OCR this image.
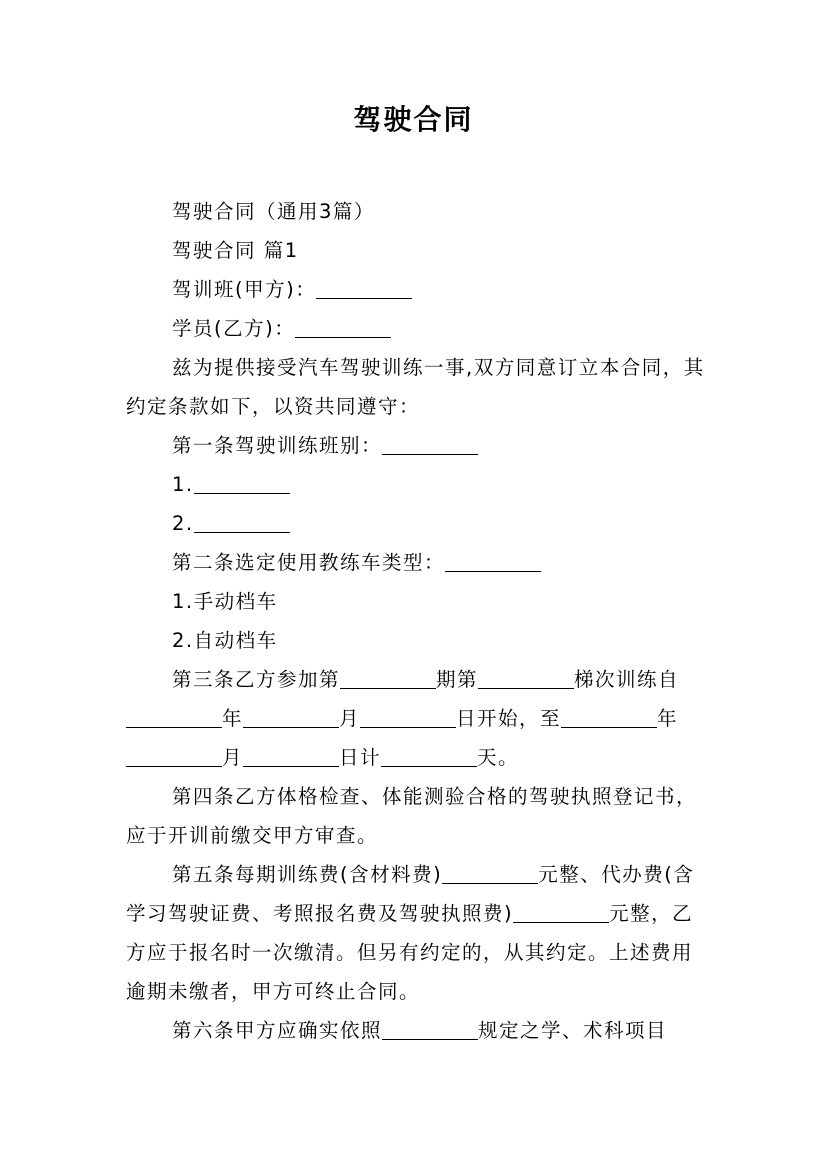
驾驶合同

驾驶合同（通用3篇）

驾驶合同 篇1

驾训班(甲方)：

学员(乙方)：

兹为提供接受汽车驾驶训练一事,双方同意订立本合同，其约定条款如下，以资共同遵守：

第一条驾驶训练班别：

1.

2.

第二条选定使用教练车类型：

1.手动档车

2.自动档车

第三条乙方参加第	期第	梯次训练自年	月	日开始，至	年月	日计	天。

第四条乙方体格检查、体能测验合格的驾驶执照登记书，应于开训前缴交甲方审查。

第五条每期训练费(含材料费)	元整、代办费(含学习驾驶证费、考照报名费及驾驶执照费)	元整，乙方应于报名时一次缴清。但另有约定的，从其约定。上述费用逾期未缴者，甲方可终止合同。

第六条甲方应确实依照	规定之学、术科项目
